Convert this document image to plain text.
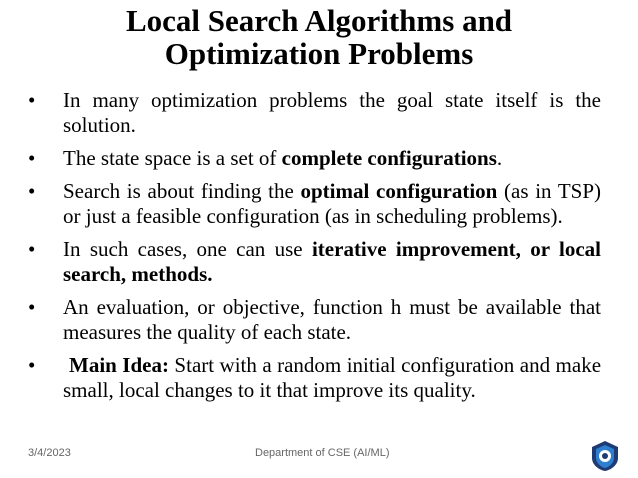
Local Search Algorithms and
Optimization Problems
• In many optimization problems the goal state itself is the solution.
• The state space is a set of complete configurations.
• Search is about finding the optimal configuration (as in TSP) or just a feasible configuration (as in scheduling problems).
• In such cases, one can use iterative improvement, or local search, methods.
• An evaluation, or objective, function h must be available that measures the quality of each state.
• Main Idea: Start with a random initial configuration and make small, local changes to it that improve its quality.
3/4/2023	Department of CSE (AI/ML)
